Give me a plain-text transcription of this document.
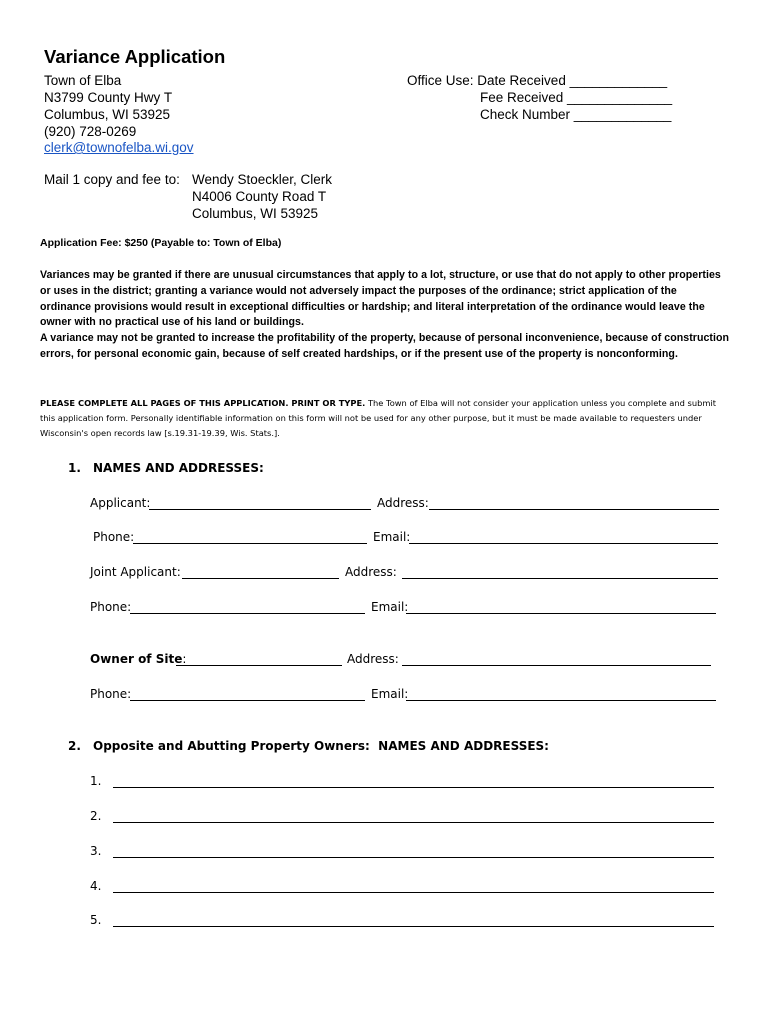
Variance Application
Town of Elba
N3799 County Hwy T
Columbus, WI 53925
(920) 728-0269
clerk@townofelba.wi.gov
Office Use: Date Received _____________
Fee Received ______________
Check Number _____________
Mail 1 copy and fee to: Wendy Stoeckler, Clerk
N4006 County Road T
Columbus, WI 53925
Application Fee: $250 (Payable to: Town of Elba)
Variances may be granted if there are unusual circumstances that apply to a lot, structure, or use that do not apply to other properties or uses in the district; granting a variance would not adversely impact the purposes of the ordinance; strict application of the ordinance provisions would result in exceptional difficulties or hardship; and literal interpretation of the ordinance would leave the owner with no practical use of his land or buildings.
A variance may not be granted to increase the profitability of the property, because of personal inconvenience, because of construction errors, for personal economic gain, because of self created hardships, or if the present use of the property is nonconforming.
PLEASE COMPLETE ALL PAGES OF THIS APPLICATION. PRINT OR TYPE. The Town of Elba will not consider your application unless you complete and submit this application form. Personally identifiable information on this form will not be used for any other purpose, but it must be made available to requesters under Wisconsin's open records law [s.19.31-19.39, Wis. Stats.].
1. NAMES AND ADDRESSES:
Applicant:	Address:
Phone:	Email:
Joint Applicant:	Address:
Phone:	Email:
Owner of Site:	Address:
Phone:	Email:
2. Opposite and Abutting Property Owners:  NAMES AND ADDRESSES:
1.
2.
3.
4.
5.
